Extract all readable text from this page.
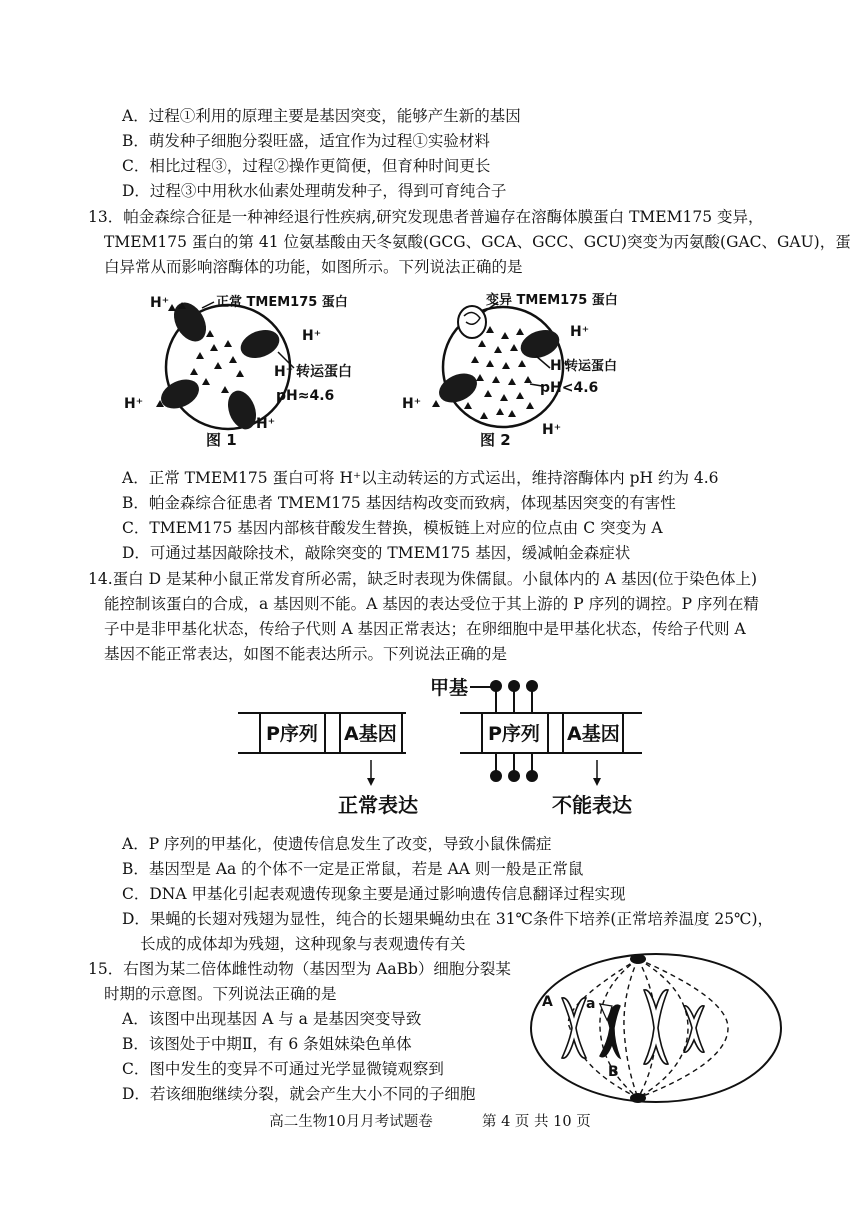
A．过程①利用的原理主要是基因突变，能够产生新的基因
B．萌发种子细胞分裂旺盛，适宜作为过程①实验材料
C．相比过程③，过程②操作更简便，但育种时间更长
D．过程③中用秋水仙素处理萌发种子，得到可育纯合子
13．帕金森综合征是一种神经退行性疾病,研究发现患者普遍存在溶酶体膜蛋白 TMEM175 变异，
TMEM175 蛋白的第 41 位氨基酸由天冬氨酸(GCG、GCA、GCC、GCU)突变为丙氨酸(GAC、GAU)，蛋
白异常从而影响溶酶体的功能，如图所示。下列说法正确的是
H⁺
H⁺
H⁺
H⁺
正常 TMEM175 蛋白
H⁺ 转运蛋白
pH≈4.6
图 1
变异 TMEM175 蛋白
H⁺
H⁺
转运蛋白
pH<4.6
H⁺
H⁺
图 2
A．正常 TMEM175 蛋白可将 H⁺以主动转运的方式运出，维持溶酶体内 pH 约为 4.6
B．帕金森综合征患者 TMEM175 基因结构改变而致病，体现基因突变的有害性
C．TMEM175 基因内部核苷酸发生替换，模板链上对应的位点由 C 突变为 A
D．可通过基因敲除技术，敲除突变的 TMEM175 基因，缓减帕金森症状
14.蛋白 D 是某种小鼠正常发育所必需，缺乏时表现为侏儒鼠。小鼠体内的 A 基因(位于染色体上)
能控制该蛋白的合成，a 基因则不能。A 基因的表达受位于其上游的 P 序列的调控。P 序列在精
子中是非甲基化状态，传给子代则 A 基因正常表达；在卵细胞中是甲基化状态，传给子代则 A
基因不能正常表达，如图不能表达所示。下列说法正确的是
P序列 A基因
正常表达
P序列 A基因
甲基
不能表达
A．P 序列的甲基化，使遗传信息发生了改变，导致小鼠侏儒症
B．基因型是 Aa 的个体不一定是正常鼠，若是 AA 则一般是正常鼠
C．DNA 甲基化引起表观遗传现象主要是通过影响遗传信息翻译过程实现
D．果蝇的长翅对残翅为显性，纯合的长翅果蝇幼虫在 31℃条件下培养(正常培养温度 25℃)，
长成的成体却为残翅，这种现象与表观遗传有关
15．右图为某二倍体雌性动物（基因型为 AaBb）细胞分裂某
时期的示意图。下列说法正确的是
A．该图中出现基因 A 与 a 是基因突变导致
B．该图处于中期Ⅱ，有 6 条姐妹染色单体
C．图中发生的变异不可通过光学显微镜观察到
D．若该细胞继续分裂，就会产生大小不同的子细胞
A a
B
高二生物10月月考试题卷	第 4 页 共 10 页
